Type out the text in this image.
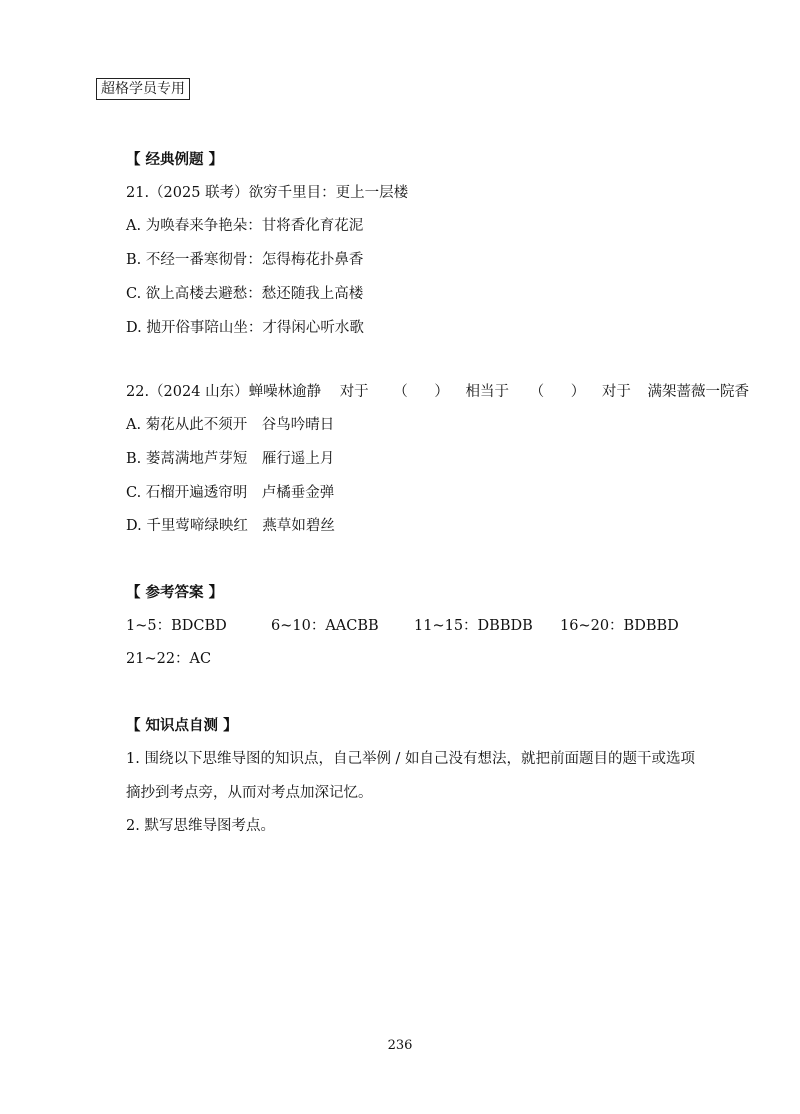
超格学员专用
【 经典例题 】
21.（2025 联考）欲穷千里目：更上一层楼
A. 为唤春来争艳朵：甘将香化育花泥
B. 不经一番寒彻骨：怎得梅花扑鼻香
C. 欲上高楼去避愁：愁还随我上高楼
D. 抛开俗事陪山坐：才得闲心听水歌
22.（2024 山东）蝉噪林逾静 对于 （ ） 相当于 （ ） 对于 满架蔷薇一院香
A. 菊花从此不须开　谷鸟吟晴日
B. 蒌蒿满地芦芽短　雁行遥上月
C. 石榴开遍透帘明　卢橘垂金弹
D. 千里莺啼绿映红　燕草如碧丝
【 参考答案 】
1~5：BDCBD	6~10：AACBB 11~15：DBBDB 16~20：BDBBD
21~22：AC
【 知识点自测 】
1. 围绕以下思维导图的知识点，自己举例 / 如自己没有想法，就把前面题目的题干或选项
摘抄到考点旁，从而对考点加深记忆。
2. 默写思维导图考点。
236
